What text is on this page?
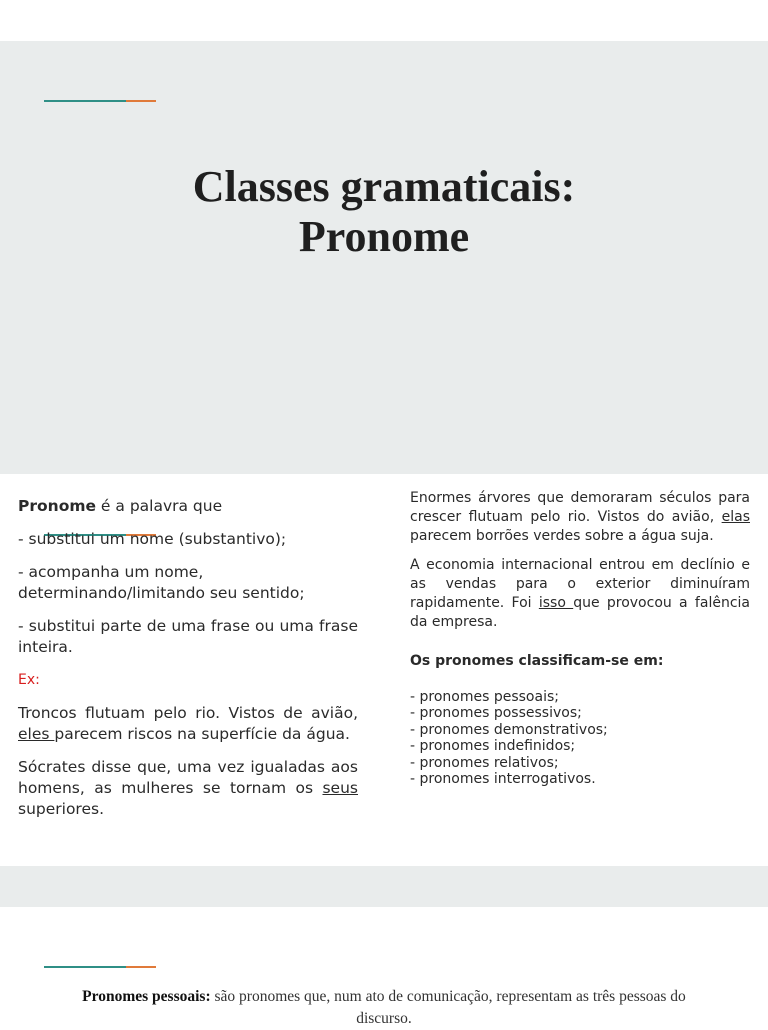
Classes gramaticais:
Pronome

Pronome é a palavra que

- substitui um nome (substantivo);

- acompanha um nome, determinando/limitando seu sentido;

- substitui parte de uma frase ou uma frase inteira.

Ex:

Troncos flutuam pelo rio. Vistos de avião, eles parecem riscos na superfície da água.

Sócrates disse que, uma vez igualadas aos homens, as mulheres se tornam os seus superiores.

Enormes árvores que demoraram séculos para crescer flutuam pelo rio. Vistos do avião, elas parecem borrões verdes sobre a água suja.

A economia internacional entrou em declínio e as vendas para o exterior diminuíram rapidamente. Foi isso que provocou a falência da empresa.

Os pronomes classificam-se em:

- pronomes pessoais;
- pronomes possessivos;
- pronomes demonstrativos;
- pronomes indefinidos;
- pronomes relativos;
- pronomes interrogativos.
Pronomes pessoais: são pronomes que, num ato de comunicação, representam as três pessoas do discurso.
